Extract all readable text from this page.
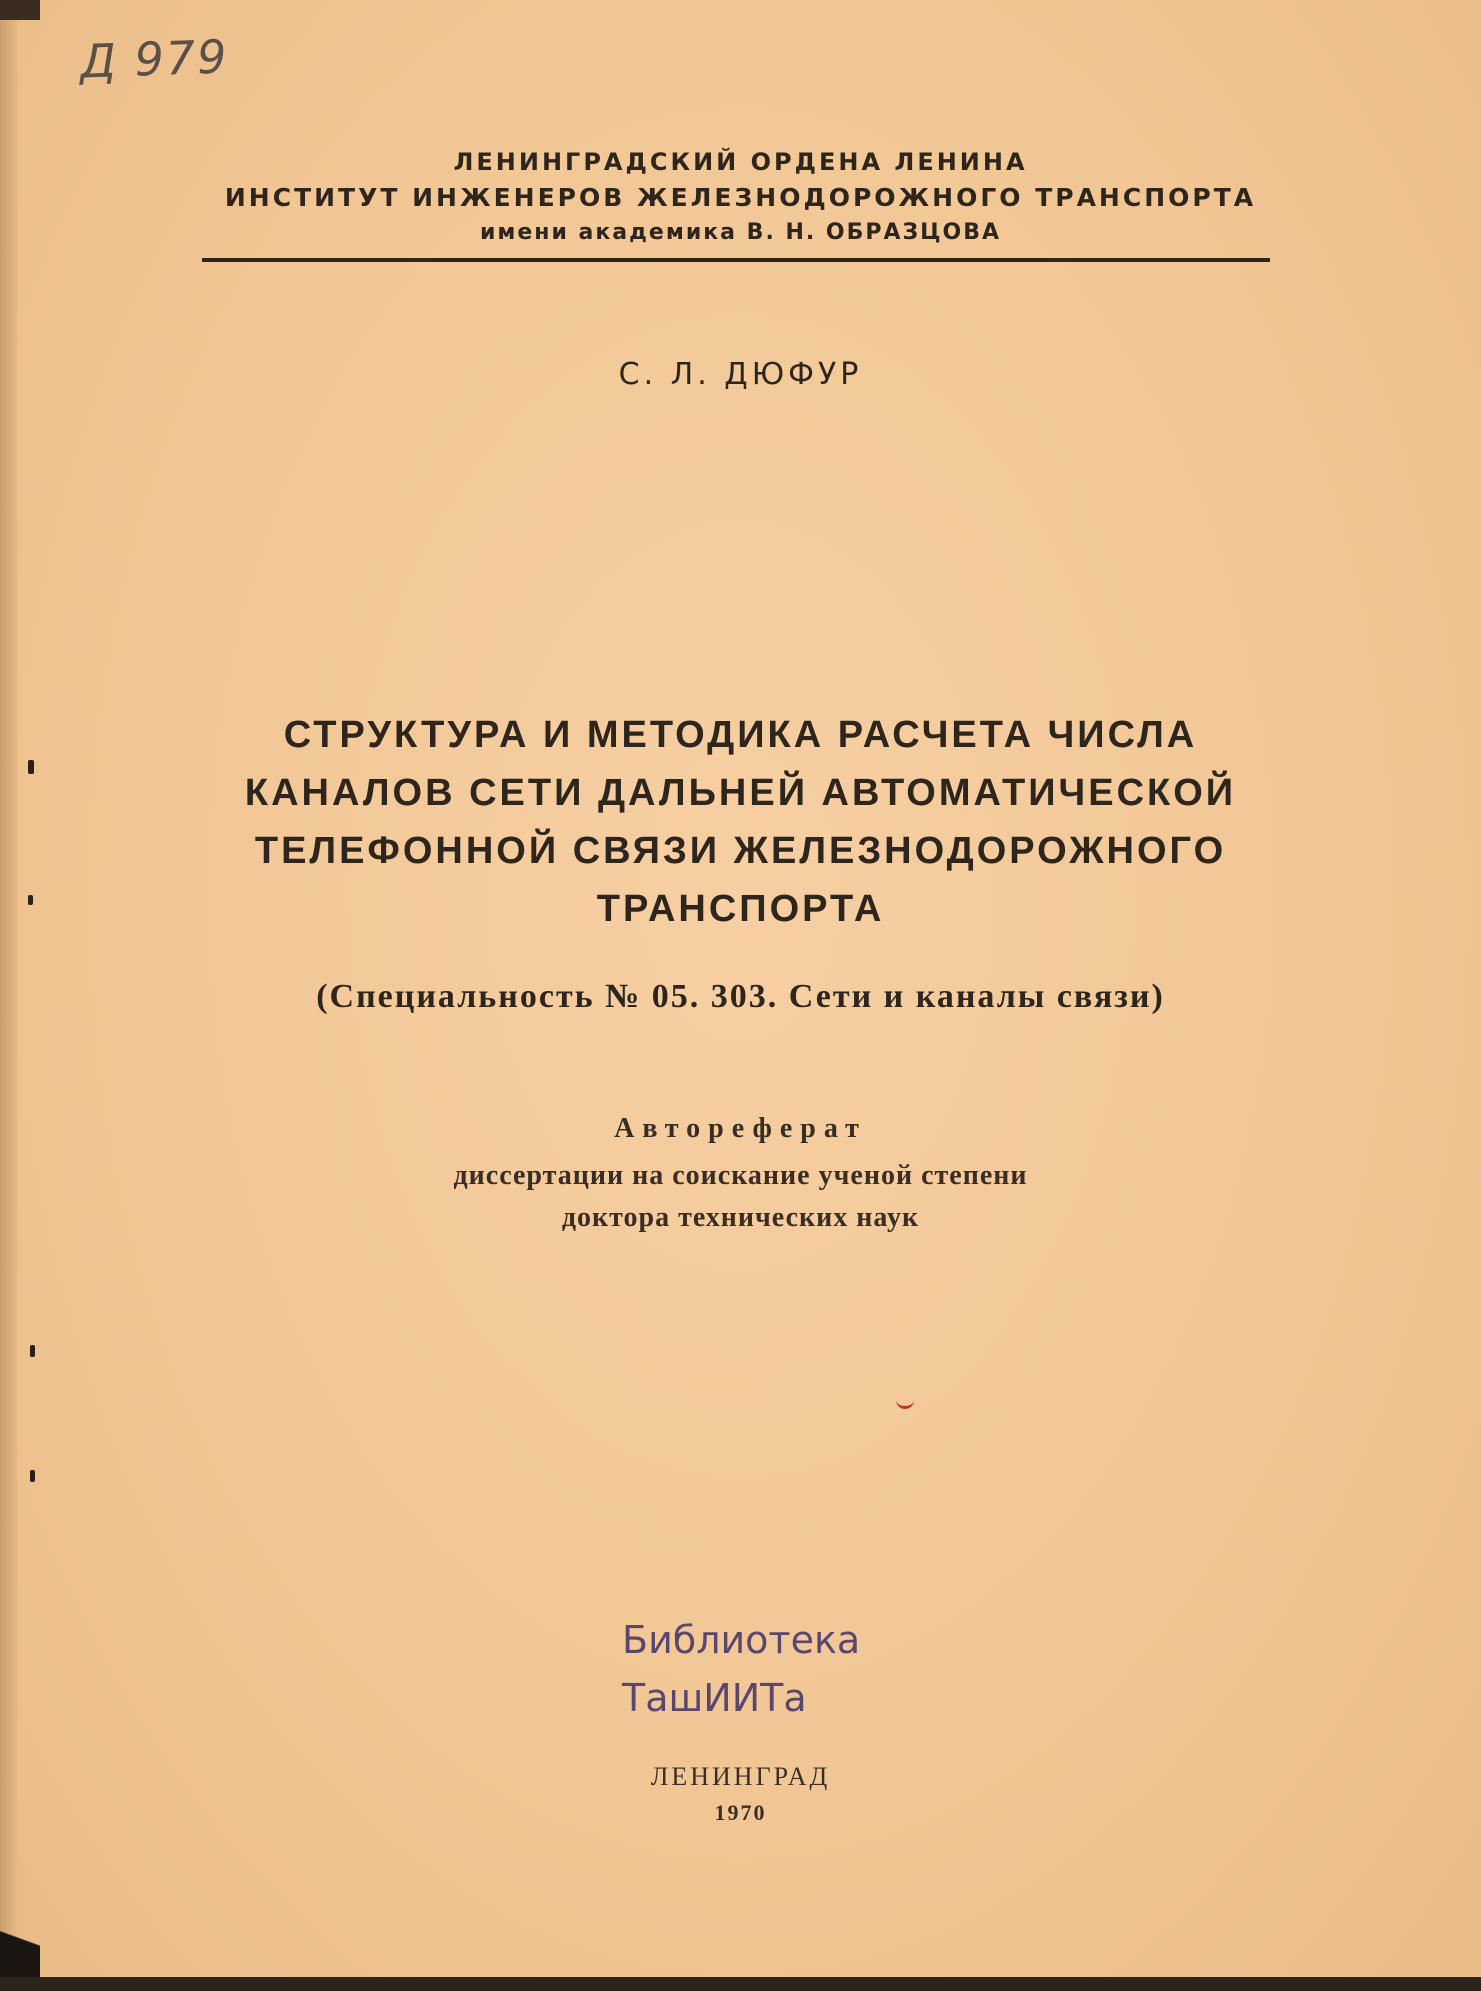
Д 979
ЛЕНИНГРАДСКИЙ ОРДЕНА ЛЕНИНА
ИНСТИТУТ ИНЖЕНЕРОВ ЖЕЛЕЗНОДОРОЖНОГО ТРАНСПОРТА
имени академика В. Н. ОБРАЗЦОВА
С. Л. ДЮФУР
СТРУКТУРА И МЕТОДИКА РАСЧЕТА ЧИСЛА
КАНАЛОВ СЕТИ ДАЛЬНЕЙ АВТОМАТИЧЕСКОЙ
ТЕЛЕФОННОЙ СВЯЗИ ЖЕЛЕЗНОДОРОЖНОГО
ТРАНСПОРТА
(Специальность № 05. 303. Сети и каналы связи)
Автореферат
диссертации на соискание ученой степени
доктора технических наук
Библиотека
ТашИИТа
ЛЕНИНГРАД
1970
